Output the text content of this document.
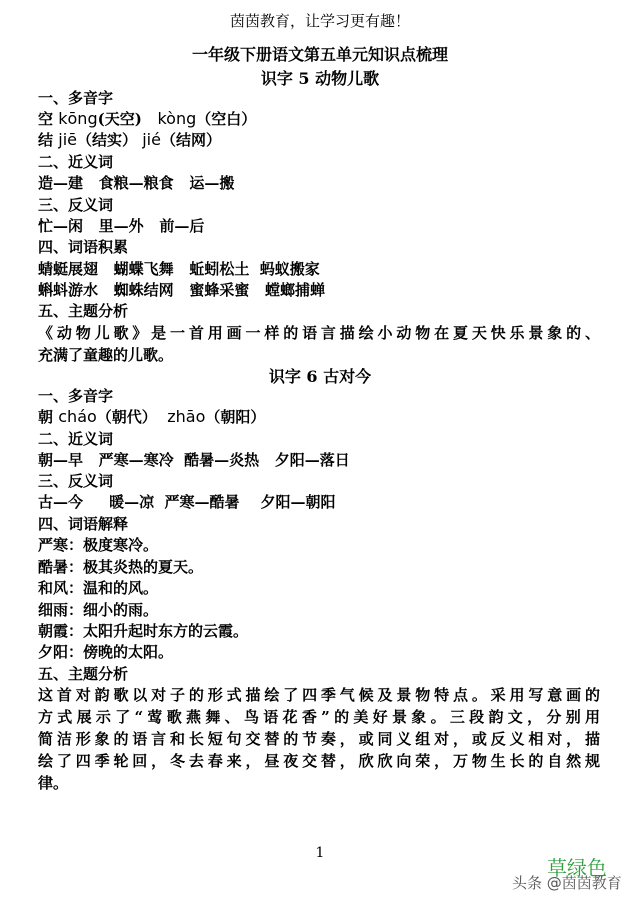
茵茵教育，让学习更有趣！
一年级下册语文第五单元知识点梳理
识字 5 动物儿歌
一、多音字
空 kōng(天空) kòng（空白）
结 jiē（结实） jié（结网）
二、近义词
造—建   食粮—粮食   运—搬
三、反义词
忙—闲   里—外   前—后
四、词语积累
蜻蜓展翅   蝴蝶飞舞   蚯蚓松土  蚂蚁搬家
蝌蚪游水   蜘蛛结网   蜜蜂采蜜   螳螂捕蝉
五、主题分析
《动物儿歌》是一首用画一样的语言描绘小动物在夏天快乐景象的、
充满了童趣的儿歌。
识字 6 古对今
一、多音字
朝 cháo（朝代） zhāo（朝阳）
二、近义词
朝—早   严寒—寒冷  酷暑—炎热   夕阳—落日
三、反义词
古—今     暖—凉  严寒—酷暑    夕阳—朝阳
四、词语解释
严寒：极度寒冷。
酷暑：极其炎热的夏天。
和风：温和的风。
细雨：细小的雨。
朝霞：太阳升起时东方的云霞。
夕阳：傍晚的太阳。
五、主题分析
这首对韵歌以对子的形式描绘了四季气候及景物特点。采用写意画的
方式展示了“莺歌燕舞、鸟语花香”的美好景象。三段韵文，分别用
简洁形象的语言和长短句交替的节奏，或同义组对，或反义相对，描
绘了四季轮回，冬去春来，昼夜交替，欣欣向荣，万物生长的自然规
律。
1
草绿色
头条 @茵茵教育
